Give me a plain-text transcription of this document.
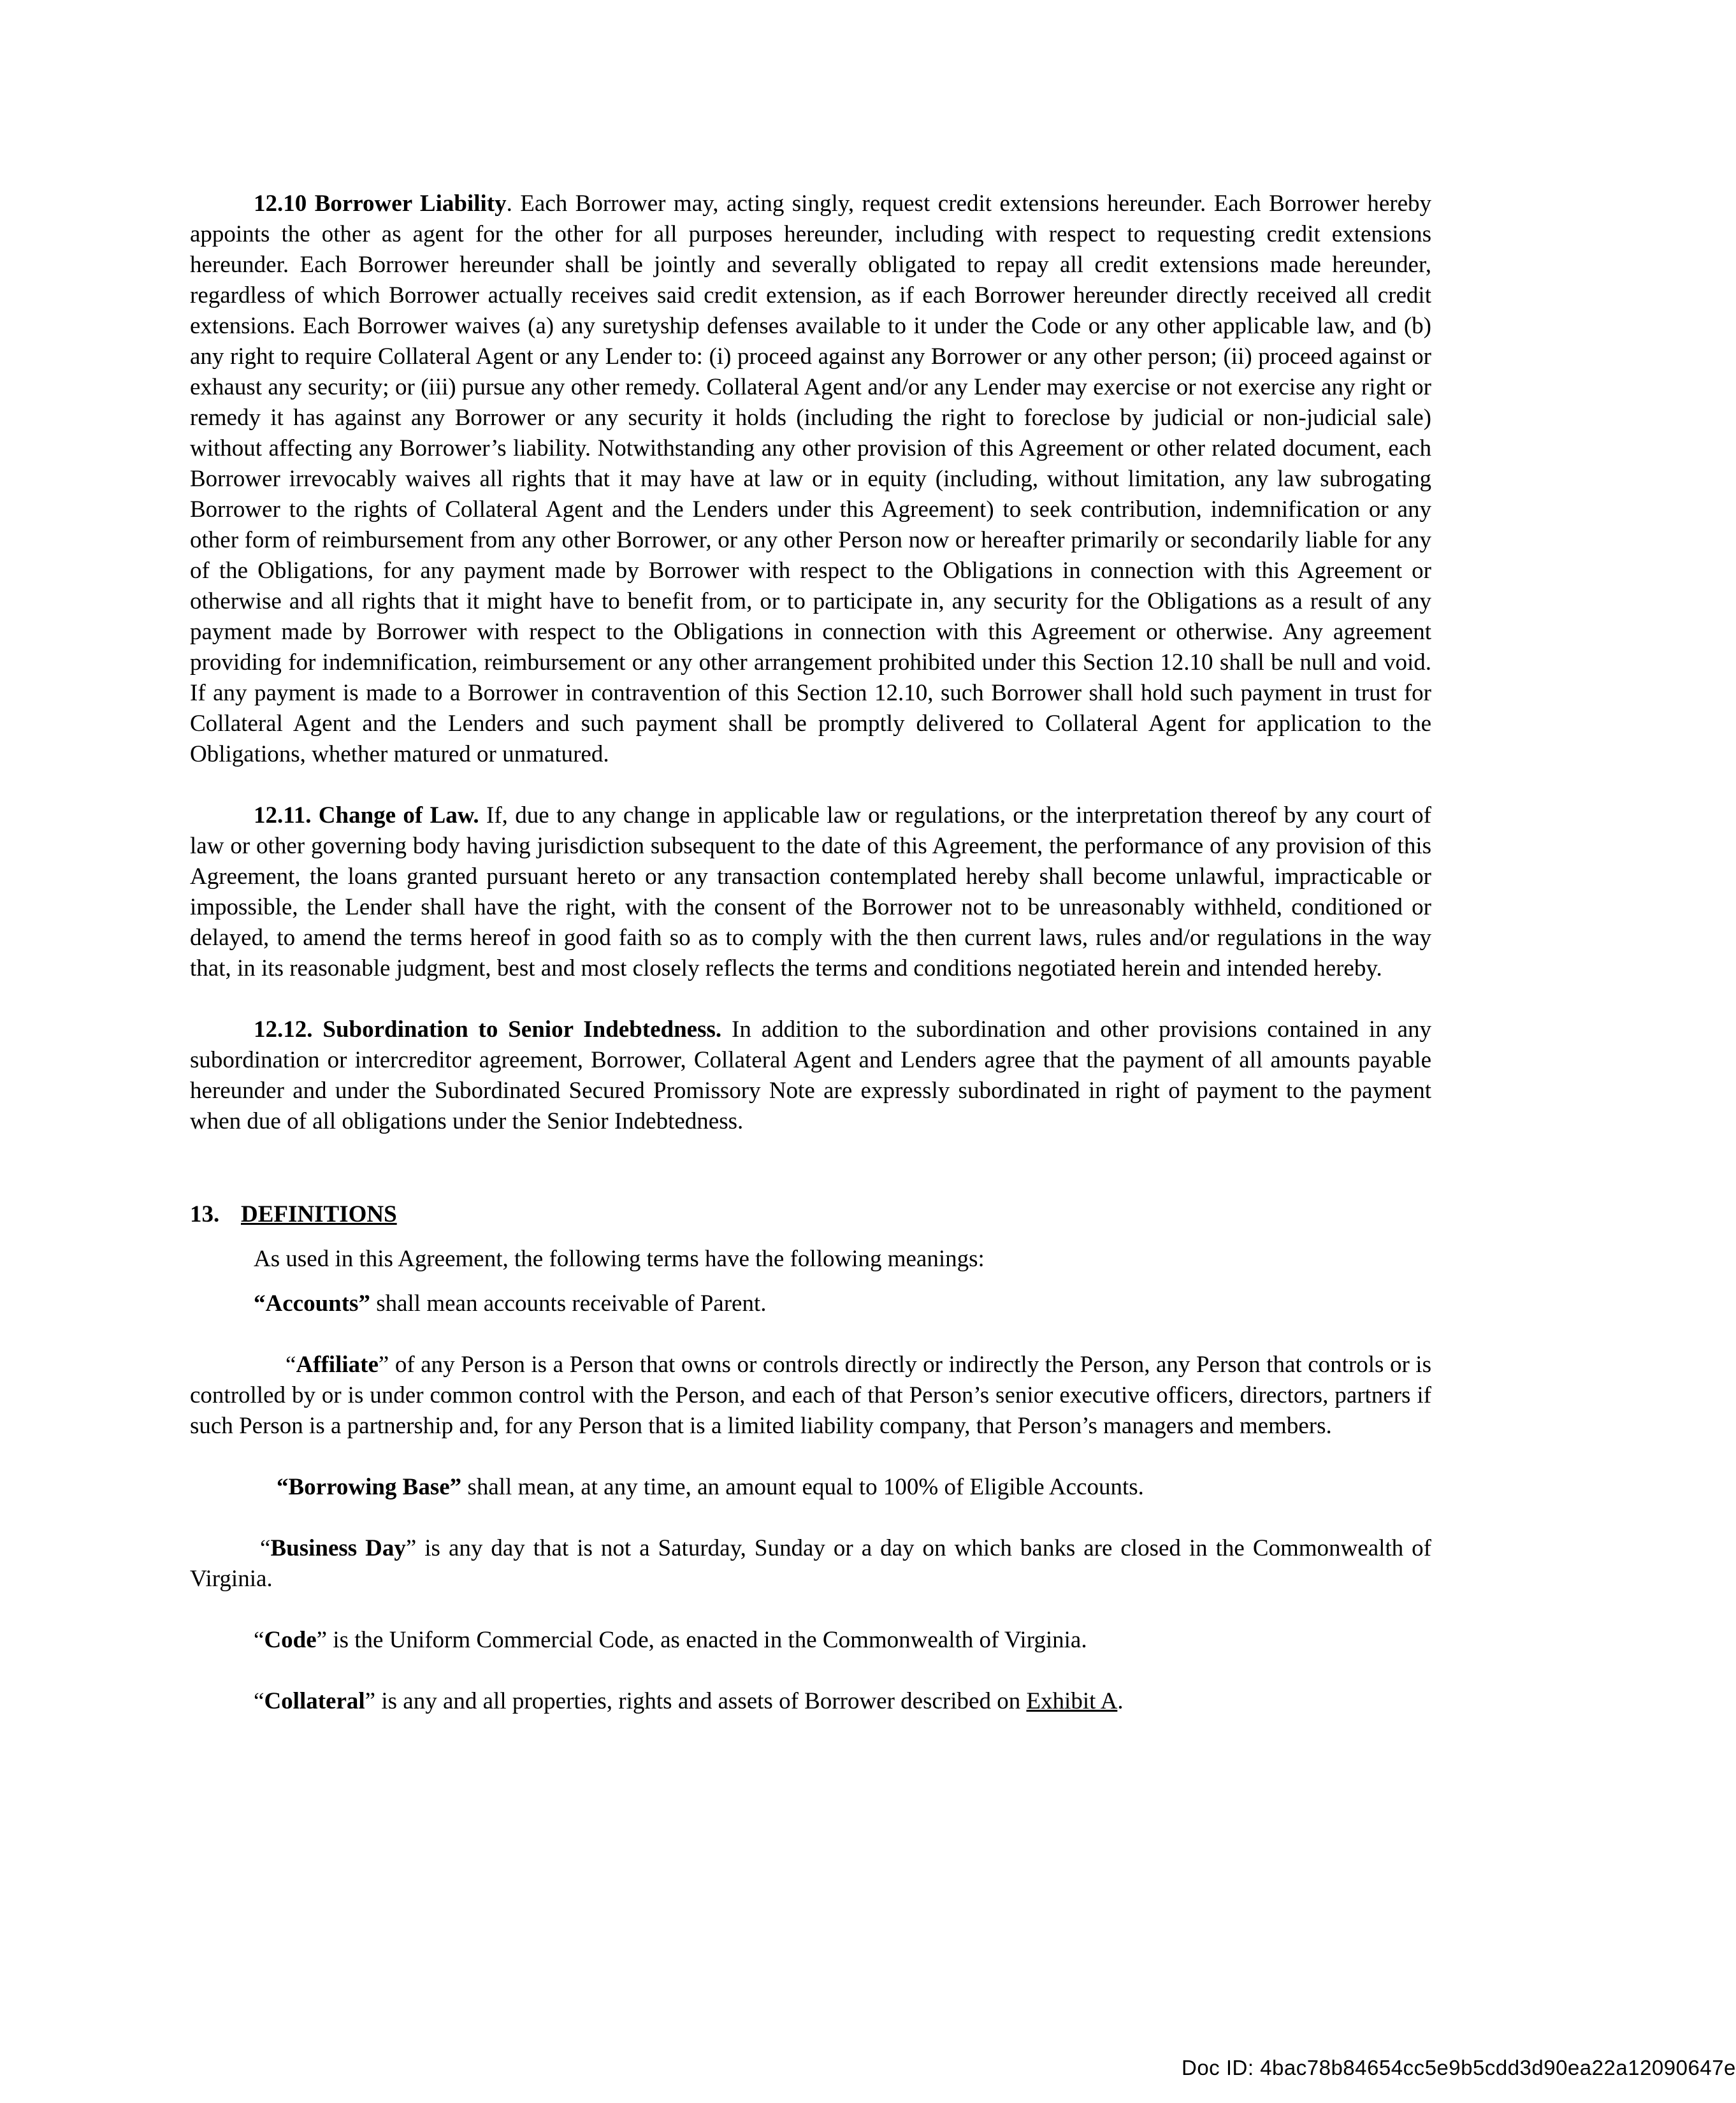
12.10 Borrower Liability. Each Borrower may, acting singly, request credit extensions hereunder. Each Borrower hereby appoints the other as agent for the other for all purposes hereunder, including with respect to requesting credit extensions hereunder. Each Borrower hereunder shall be jointly and severally obligated to repay all credit extensions made hereunder, regardless of which Borrower actually receives said credit extension, as if each Borrower hereunder directly received all credit extensions. Each Borrower waives (a) any suretyship defenses available to it under the Code or any other applicable law, and (b) any right to require Collateral Agent or any Lender to: (i) proceed against any Borrower or any other person; (ii) proceed against or exhaust any security; or (iii) pursue any other remedy. Collateral Agent and/or any Lender may exercise or not exercise any right or remedy it has against any Borrower or any security it holds (including the right to foreclose by judicial or non-judicial sale) without affecting any Borrower’s liability. Notwithstanding any other provision of this Agreement or other related document, each Borrower irrevocably waives all rights that it may have at law or in equity (including, without limitation, any law subrogating Borrower to the rights of Collateral Agent and the Lenders under this Agreement) to seek contribution, indemnification or any other form of reimbursement from any other Borrower, or any other Person now or hereafter primarily or secondarily liable for any of the Obligations, for any payment made by Borrower with respect to the Obligations in connection with this Agreement or otherwise and all rights that it might have to benefit from, or to participate in, any security for the Obligations as a result of any payment made by Borrower with respect to the Obligations in connection with this Agreement or otherwise. Any agreement providing for indemnification, reimbursement or any other arrangement prohibited under this Section 12.10 shall be null and void. If any payment is made to a Borrower in contravention of this Section 12.10, such Borrower shall hold such payment in trust for Collateral Agent and the Lenders and such payment shall be promptly delivered to Collateral Agent for application to the Obligations, whether matured or unmatured.

12.11. Change of Law. If, due to any change in applicable law or regulations, or the interpretation thereof by any court of law or other governing body having jurisdiction subsequent to the date of this Agreement, the performance of any provision of this Agreement, the loans granted pursuant hereto or any transaction contemplated hereby shall become unlawful, impracticable or impossible, the Lender shall have the right, with the consent of the Borrower not to be unreasonably withheld, conditioned or delayed, to amend the terms hereof in good faith so as to comply with the then current laws, rules and/or regulations in the way that, in its reasonable judgment, best and most closely reflects the terms and conditions negotiated herein and intended hereby.

12.12. Subordination to Senior Indebtedness. In addition to the subordination and other provisions contained in any subordination or intercreditor agreement, Borrower, Collateral Agent and Lenders agree that the payment of all amounts payable hereunder and under the Subordinated Secured Promissory Note are expressly subordinated in right of payment to the payment when due of all obligations under the Senior Indebtedness.

13. DEFINITIONS

As used in this Agreement, the following terms have the following meanings:

“Accounts” shall mean accounts receivable of Parent.

“Affiliate” of any Person is a Person that owns or controls directly or indirectly the Person, any Person that controls or is controlled by or is under common control with the Person, and each of that Person’s senior executive officers, directors, partners if such Person is a partnership and, for any Person that is a limited liability company, that Person’s managers and members.

“Borrowing Base” shall mean, at any time, an amount equal to 100% of Eligible Accounts.

“Business Day” is any day that is not a Saturday, Sunday or a day on which banks are closed in the Commonwealth of Virginia.

“Code” is the Uniform Commercial Code, as enacted in the Commonwealth of Virginia.

“Collateral” is any and all properties, rights and assets of Borrower described on Exhibit A.

Doc ID: 4bac78b84654cc5e9b5cdd3d90ea22a12090647e
